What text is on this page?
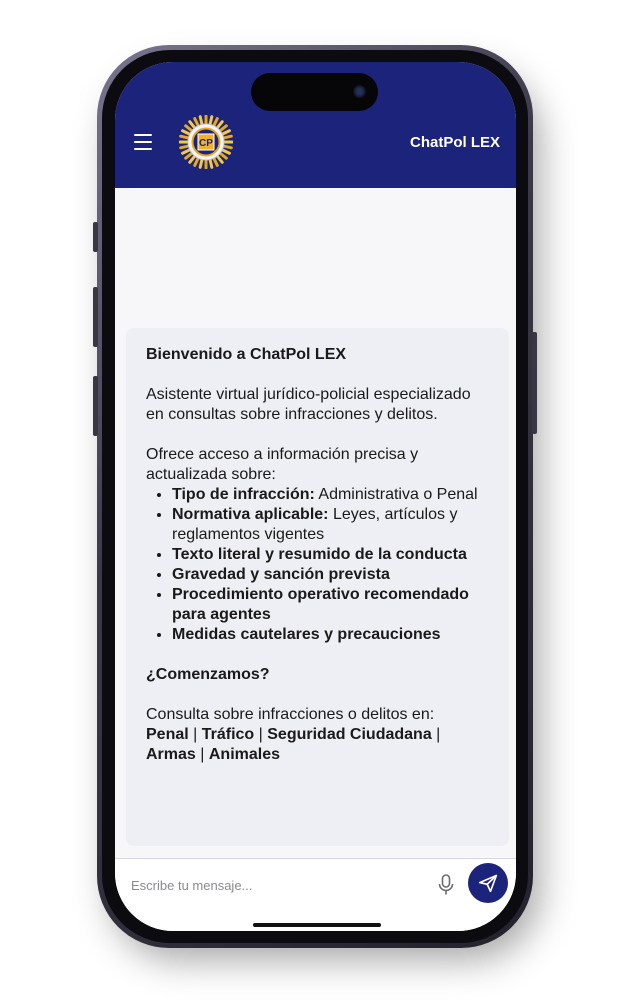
CP	ChatPol LEX

Bienvenido a ChatPol LEX

Asistente virtual jurídico-policial especializado en consultas sobre infracciones y delitos.

Ofrece acceso a información precisa y actualizada sobre:

• Tipo de infracción: Administrativa o Penal
• Normativa aplicable: Leyes, artículos y reglamentos vigentes
• Texto literal y resumido de la conducta
• Gravedad y sanción prevista
• Procedimiento operativo recomendado para agentes
• Medidas cautelares y precauciones

¿Comenzamos?

Consulta sobre infracciones o delitos en:

Penal | Tráfico | Seguridad Ciudadana | Armas | Animales

Escribe tu mensaje...
